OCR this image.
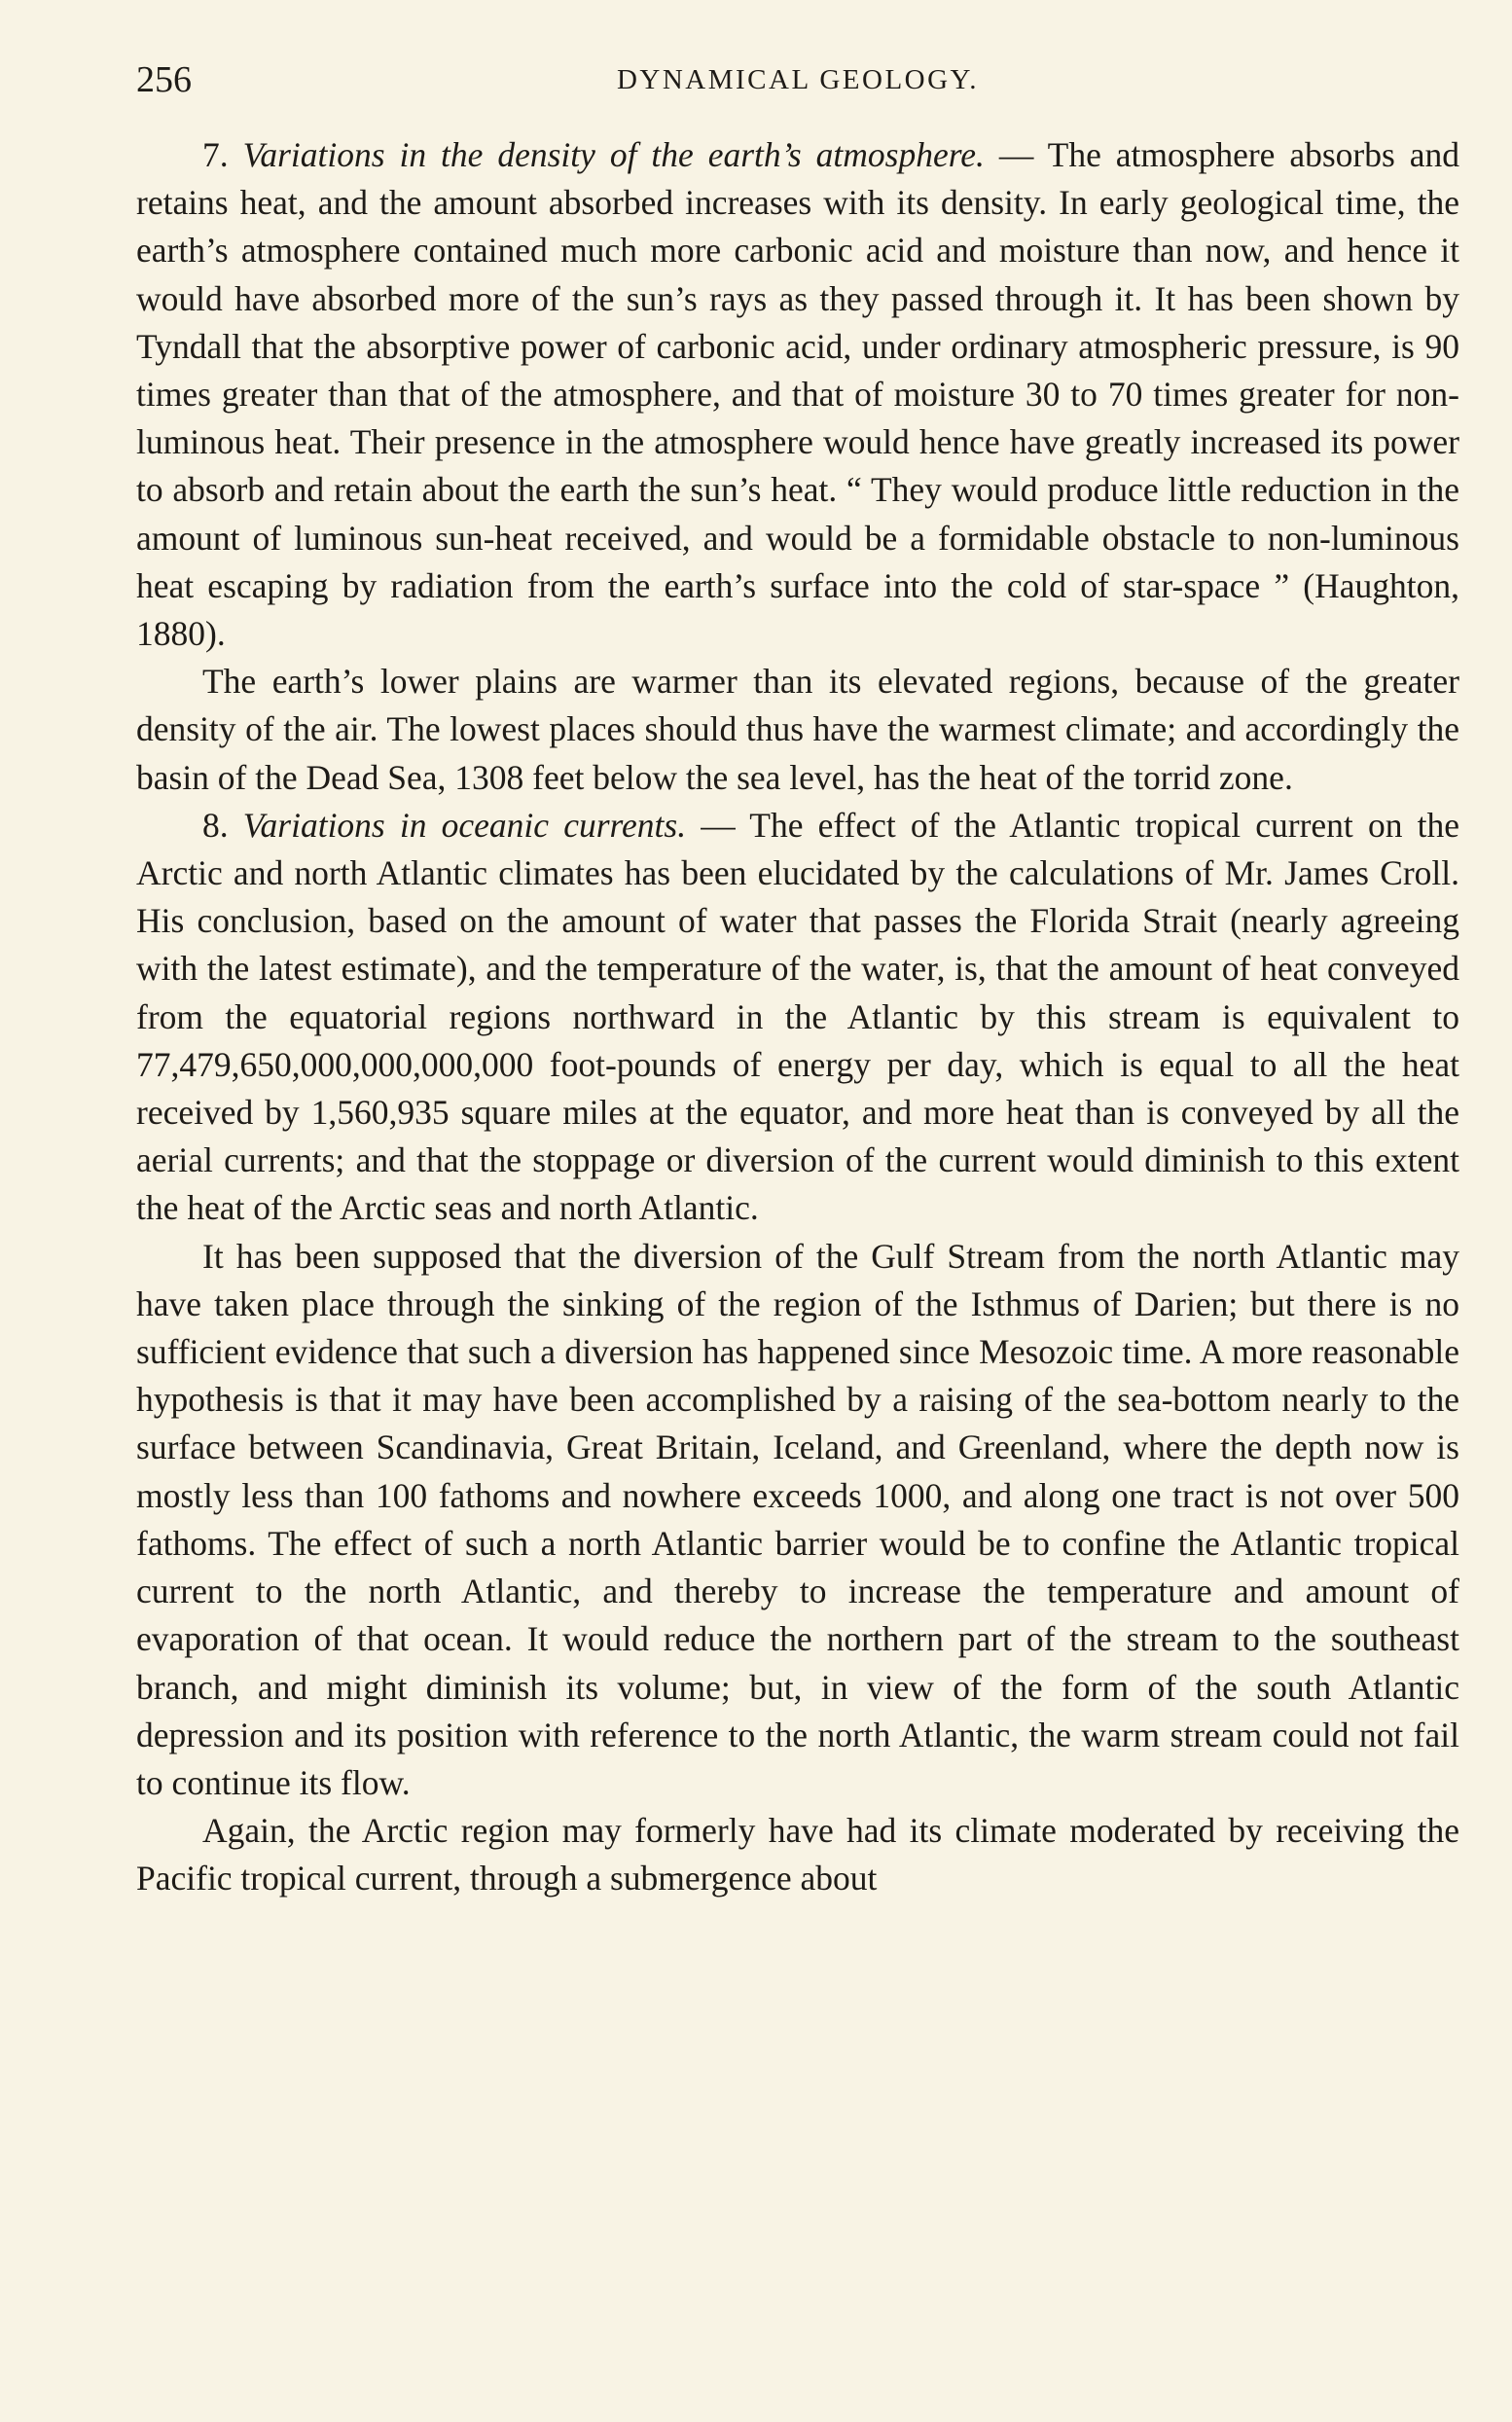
256	DYNAMICAL GEOLOGY.

7. Variations in the density of the earth’s atmosphere. — The atmosphere absorbs and retains heat, and the amount absorbed increases with its density. In early geological time, the earth’s atmosphere contained much more carbonic acid and moisture than now, and hence it would have absorbed more of the sun’s rays as they passed through it. It has been shown by Tyndall that the absorptive power of carbonic acid, under ordinary atmospheric pressure, is 90 times greater than that of the atmosphere, and that of moisture 30 to 70 times greater for non-luminous heat. Their presence in the atmosphere would hence have greatly increased its power to absorb and retain about the earth the sun’s heat. “ They would produce little reduction in the amount of luminous sun-heat received, and would be a formidable obstacle to non-luminous heat escaping by radiation from the earth’s surface into the cold of star-space ” (Haughton, 1880).

The earth’s lower plains are warmer than its elevated regions, because of the greater density of the air. The lowest places should thus have the warmest climate; and accordingly the basin of the Dead Sea, 1308 feet below the sea level, has the heat of the torrid zone.

8. Variations in oceanic currents. — The effect of the Atlantic tropical current on the Arctic and north Atlantic climates has been elucidated by the calculations of Mr. James Croll. His conclusion, based on the amount of water that passes the Florida Strait (nearly agreeing with the latest estimate), and the temperature of the water, is, that the amount of heat conveyed from the equatorial regions northward in the Atlantic by this stream is equivalent to 77,479,650,000,000,000,000 foot-pounds of energy per day, which is equal to all the heat received by 1,560,935 square miles at the equator, and more heat than is conveyed by all the aerial currents; and that the stoppage or diversion of the current would diminish to this extent the heat of the Arctic seas and north Atlantic.

It has been supposed that the diversion of the Gulf Stream from the north Atlantic may have taken place through the sinking of the region of the Isthmus of Darien; but there is no sufficient evidence that such a diversion has happened since Mesozoic time. A more reasonable hypothesis is that it may have been accomplished by a raising of the sea-bottom nearly to the surface between Scandinavia, Great Britain, Iceland, and Greenland, where the depth now is mostly less than 100 fathoms and nowhere exceeds 1000, and along one tract is not over 500 fathoms. The effect of such a north Atlantic barrier would be to confine the Atlantic tropical current to the north Atlantic, and thereby to increase the temperature and amount of evaporation of that ocean. It would reduce the northern part of the stream to the southeast branch, and might diminish its volume; but, in view of the form of the south Atlantic depression and its position with reference to the north Atlantic, the warm stream could not fail to continue its flow.

Again, the Arctic region may formerly have had its climate moderated by receiving the Pacific tropical current, through a submergence about
